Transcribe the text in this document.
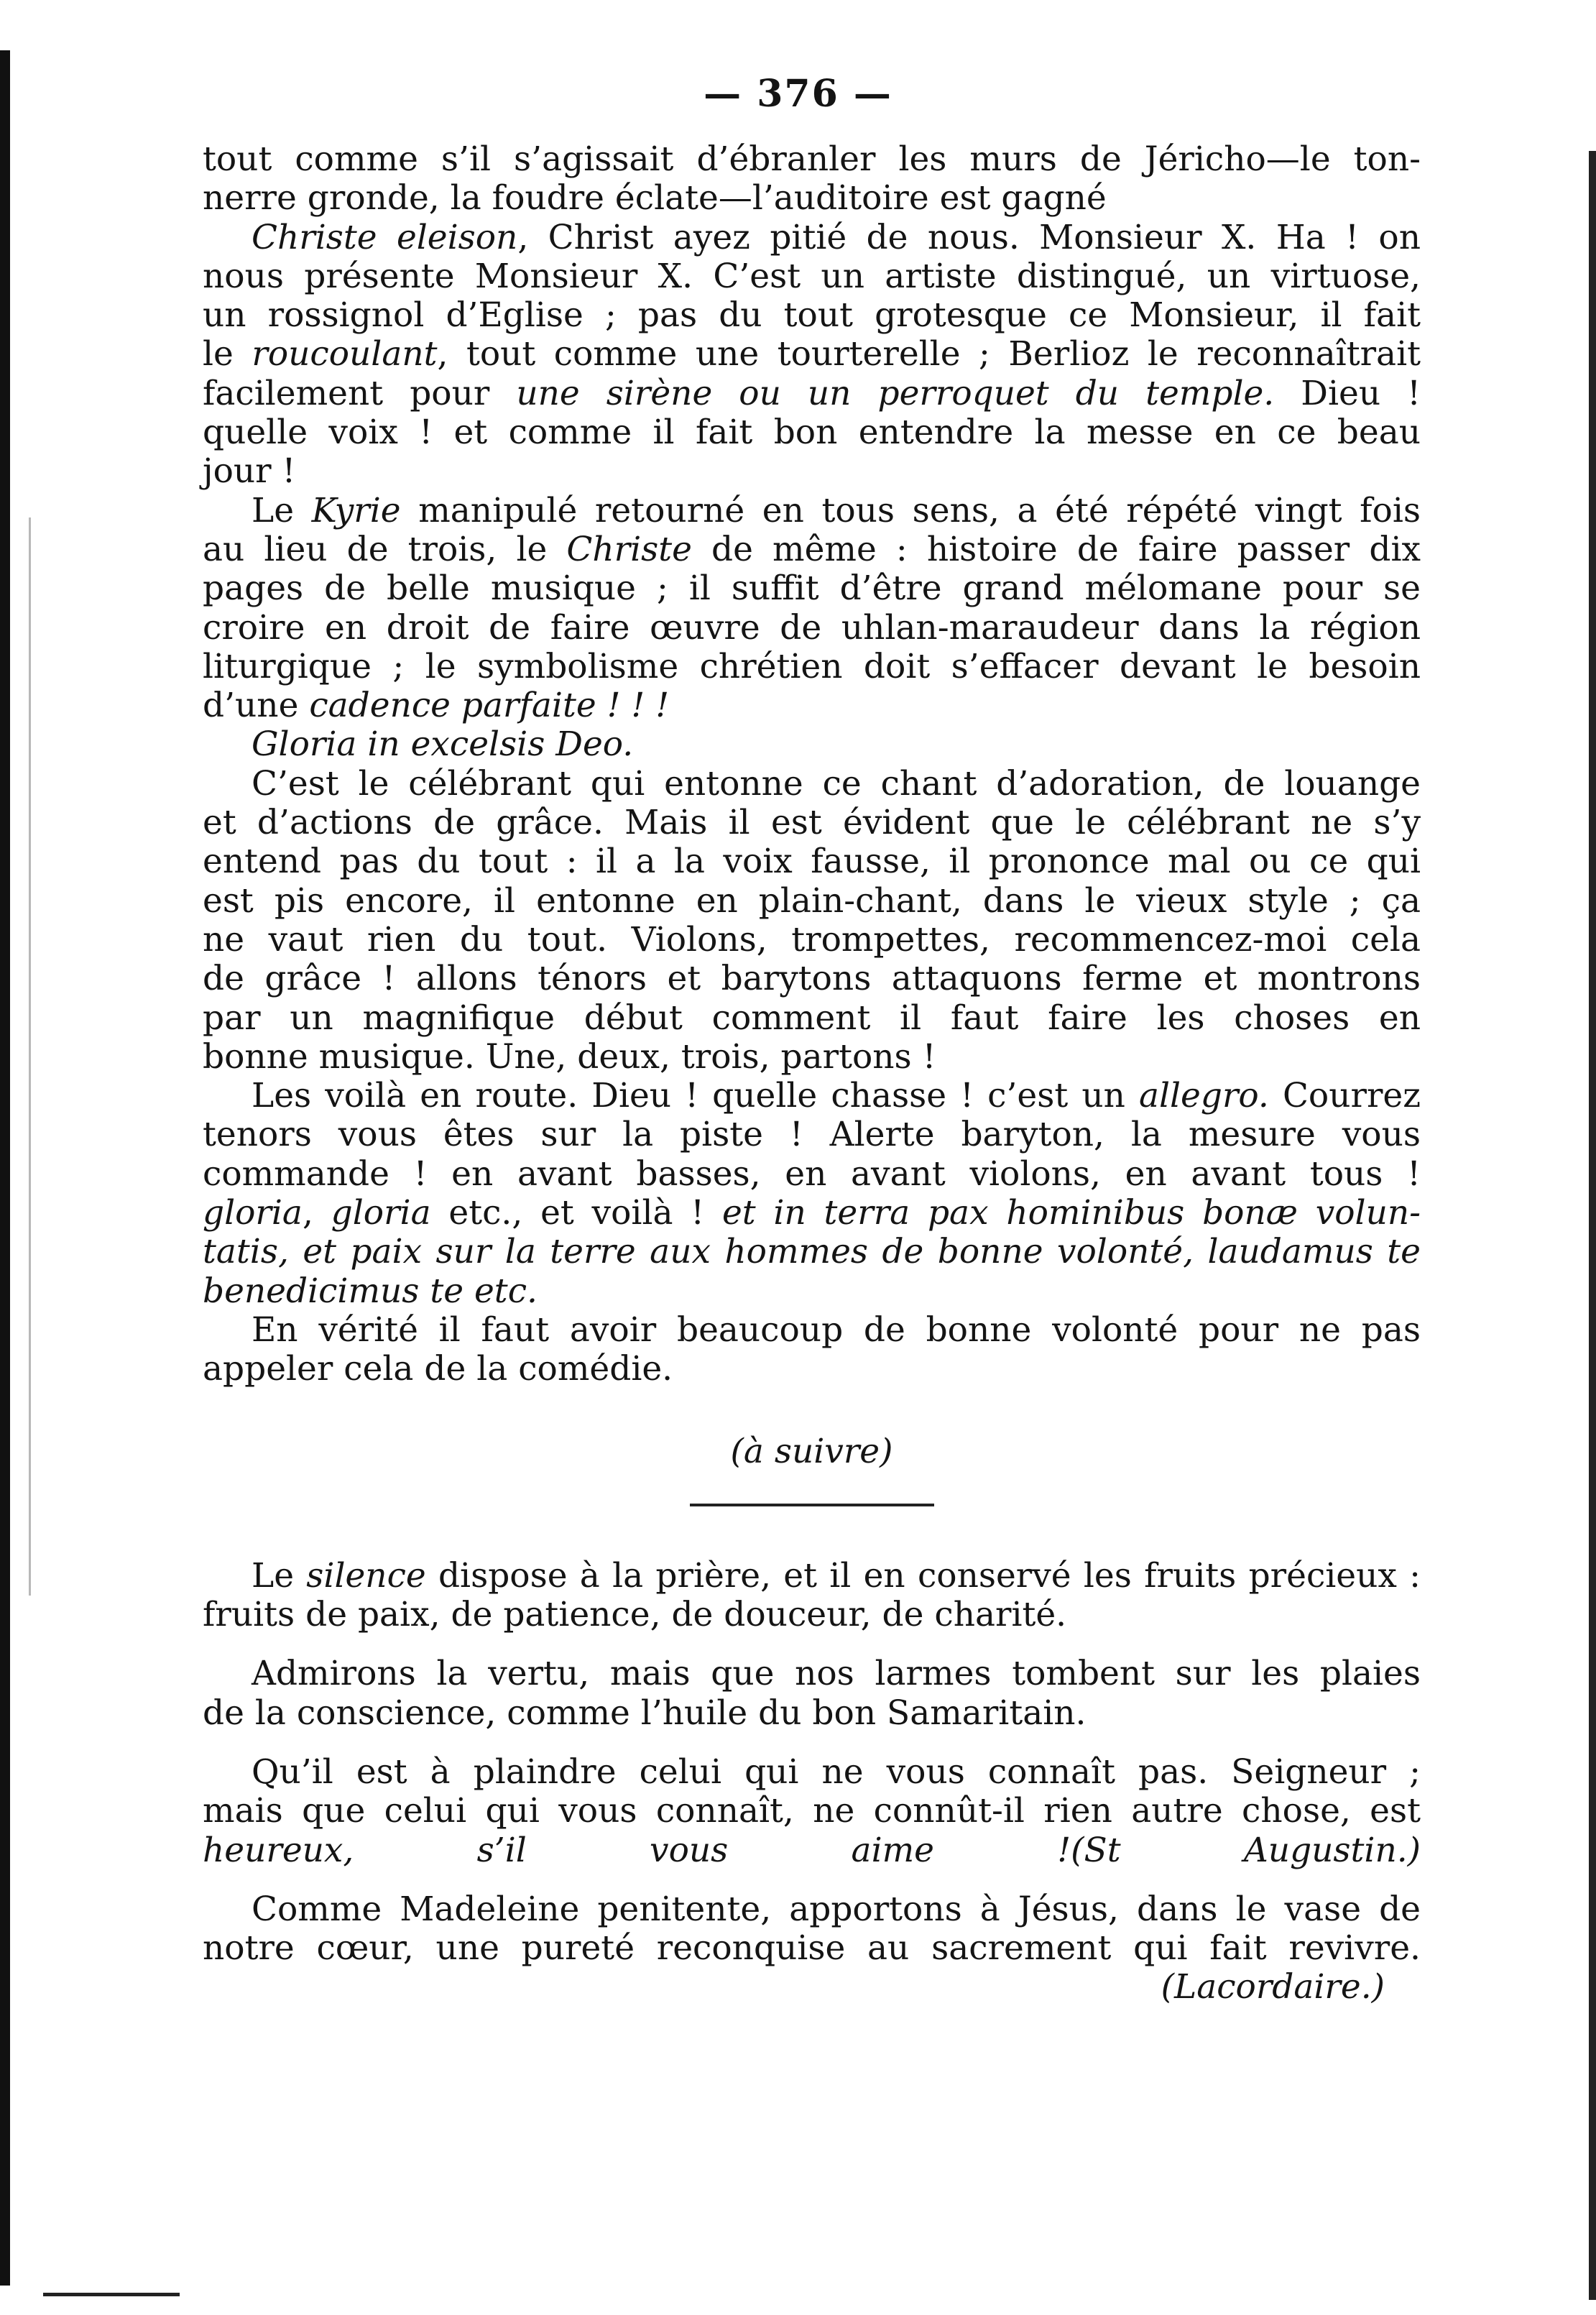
— 376 —
tout comme s’il s’agissait d’ébranler les murs de Jéricho—le ton-
nerre gronde, la foudre éclate—l’auditoire est gagné
Christe eleison, Christ ayez pitié de nous. Monsieur X. Ha ! on
nous présente Monsieur X. C’est un artiste distingué, un virtuose,
un rossignol d’Eglise ; pas du tout grotesque ce Monsieur, il fait
le roucoulant, tout comme une tourterelle ; Berlioz le reconnaîtrait
facilement pour une sirène ou un perroquet du temple. Dieu !
quelle voix ! et comme il fait bon entendre la messe en ce beau
jour !
Le Kyrie manipulé retourné en tous sens, a été répété vingt fois
au lieu de trois, le Christe de même : histoire de faire passer dix
pages de belle musique ; il suffit d’être grand mélomane pour se
croire en droit de faire œuvre de uhlan-maraudeur dans la région
liturgique ; le symbolisme chrétien doit s’effacer devant le besoin
d’une cadence parfaite ! ! !
Gloria in excelsis Deo.
C’est le célébrant qui entonne ce chant d’adoration, de louange
et d’actions de grâce. Mais il est évident que le célébrant ne s’y
entend pas du tout : il a la voix fausse, il prononce mal ou ce qui
est pis encore, il entonne en plain-chant, dans le vieux style ; ça
ne vaut rien du tout. Violons, trompettes, recommencez-moi cela
de grâce ! allons ténors et barytons attaquons ferme et montrons
par un magnifique début comment il faut faire les choses en
bonne musique. Une, deux, trois, partons !
Les voilà en route. Dieu ! quelle chasse ! c’est un allegro. Courrez
tenors vous êtes sur la piste ! Alerte baryton, la mesure vous
commande ! en avant basses, en avant violons, en avant tous !
gloria, gloria etc., et voilà ! et in terra pax hominibus bonæ volun-
tatis, et paix sur la terre aux hommes de bonne volonté, laudamus te
benedicimus te etc.
En vérité il faut avoir beaucoup de bonne volonté pour ne pas
appeler cela de la comédie.
(à suivre)
Le silence dispose à la prière, et il en conservé les fruits précieux :
fruits de paix, de patience, de douceur, de charité.
Admirons la vertu, mais que nos larmes tombent sur les plaies
de la conscience, comme l’huile du bon Samaritain.
Qu’il est à plaindre celui qui ne vous connaît pas. Seigneur ;
mais que celui qui vous connaît, ne connût-il rien autre chose, est
heureux, s’il vous aime !(St Augustin.)
Comme Madeleine penitente, apportons à Jésus, dans le vase de
notre cœur, une pureté reconquise au sacrement qui fait revivre.
(Lacordaire.)
